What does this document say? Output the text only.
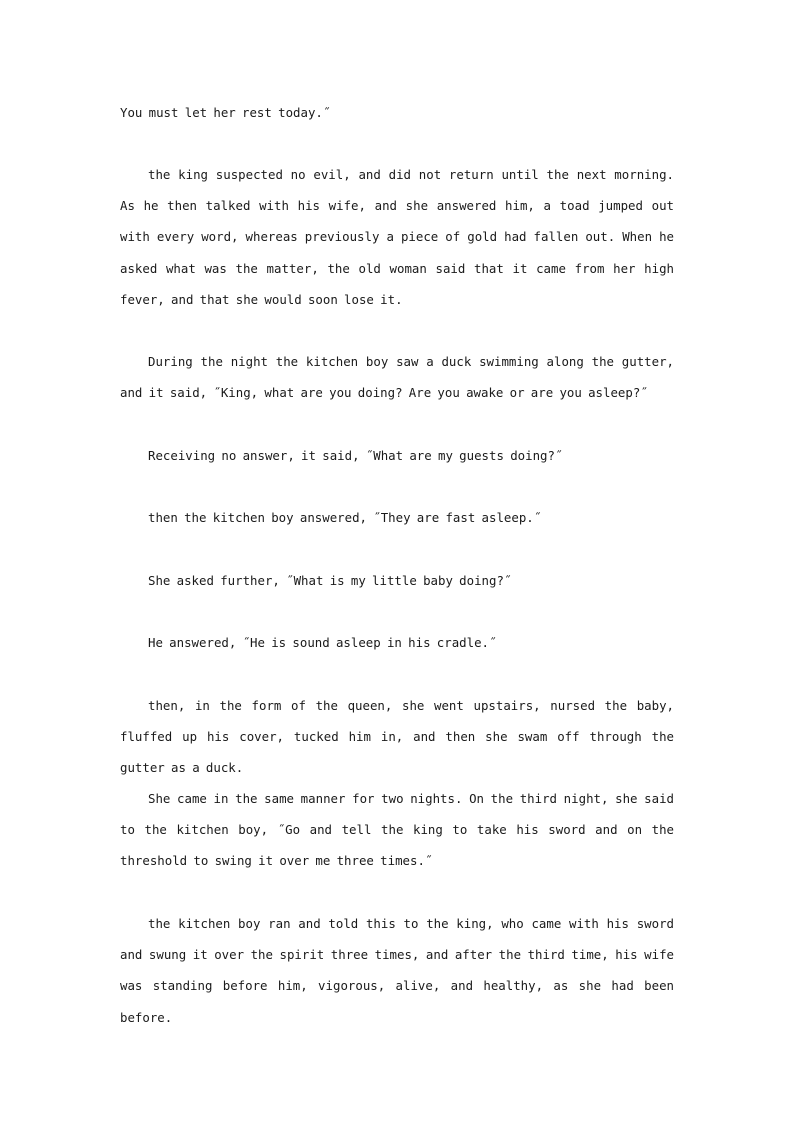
You must let her rest today.˝

the king suspected no evil, and did not return until the next morning. As he then talked with his wife, and she answered him, a toad jumped out with every word, whereas previously a piece of gold had fallen out. When he asked what was the matter, the old woman said that it came from her high fever, and that she would soon lose it.

During the night the kitchen boy saw a duck swimming along the gutter, and it said, ˝King, what are you doing? Are you awake or are you asleep?˝

Receiving no answer, it said, ˝What are my guests doing?˝

then the kitchen boy answered, ˝They are fast asleep.˝

She asked further, ˝What is my little baby doing?˝

He answered, ˝He is sound asleep in his cradle.˝

then, in the form of the queen, she went upstairs, nursed the baby, fluffed up his cover, tucked him in, and then she swam off through the gutter as a duck.

She came in the same manner for two nights. On the third night, she said to the kitchen boy, ˝Go and tell the king to take his sword and on the threshold to swing it over me three times.˝

the kitchen boy ran and told this to the king, who came with his sword and swung it over the spirit three times, and after the third time, his wife was standing before him, vigorous, alive, and healthy, as she had been before.
